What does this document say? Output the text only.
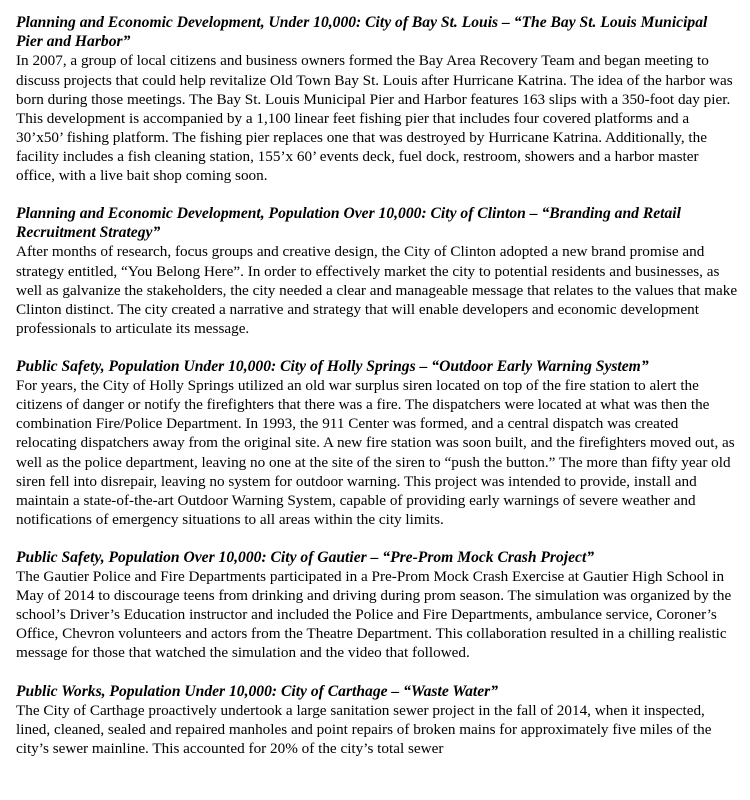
Planning and Economic Development, Under 10,000: City of Bay St. Louis – “The Bay St. Louis Municipal Pier and Harbor”

In 2007, a group of local citizens and business owners formed the Bay Area Recovery Team and began meeting to discuss projects that could help revitalize Old Town Bay St. Louis after Hurricane Katrina. The idea of the harbor was born during those meetings. The Bay St. Louis Municipal Pier and Harbor features 163 slips with a 350-foot day pier. This development is accompanied by a 1,100 linear feet fishing pier that includes four covered platforms and a 30’x50’ fishing platform. The fishing pier replaces one that was destroyed by Hurricane Katrina. Additionally, the facility includes a fish cleaning station, 155’x 60’ events deck, fuel dock, restroom, showers and a harbor master office, with a live bait shop coming soon.

Planning and Economic Development, Population Over 10,000: City of Clinton – “Branding and Retail Recruitment Strategy”

After months of research, focus groups and creative design, the City of Clinton adopted a new brand promise and strategy entitled, “You Belong Here”. In order to effectively market the city to potential residents and businesses, as well as galvanize the stakeholders, the city needed a clear and manageable message that relates to the values that make Clinton distinct. The city created a narrative and strategy that will enable developers and economic development professionals to articulate its message.

Public Safety, Population Under 10,000: City of Holly Springs – “Outdoor Early Warning System”

For years, the City of Holly Springs utilized an old war surplus siren located on top of the fire station to alert the citizens of danger or notify the firefighters that there was a fire. The dispatchers were located at what was then the combination Fire/Police Department. In 1993, the 911 Center was formed, and a central dispatch was created relocating dispatchers away from the original site. A new fire station was soon built, and the firefighters moved out, as well as the police department, leaving no one at the site of the siren to “push the button.” The more than fifty year old siren fell into disrepair, leaving no system for outdoor warning. This project was intended to provide, install and maintain a state-of-the-art Outdoor Warning System, capable of providing early warnings of severe weather and notifications of emergency situations to all areas within the city limits.

Public Safety, Population Over 10,000: City of Gautier – “Pre-Prom Mock Crash Project”

The Gautier Police and Fire Departments participated in a Pre-Prom Mock Crash Exercise at Gautier High School in May of 2014 to discourage teens from drinking and driving during prom season. The simulation was organized by the school’s Driver’s Education instructor and included the Police and Fire Departments, ambulance service, Coroner’s Office, Chevron volunteers and actors from the Theatre Department. This collaboration resulted in a chilling realistic message for those that watched the simulation and the video that followed.

Public Works, Population Under 10,000: City of Carthage – “Waste Water”

The City of Carthage proactively undertook a large sanitation sewer project in the fall of 2014, when it inspected, lined, cleaned, sealed and repaired manholes and point repairs of broken mains for approximately five miles of the city’s sewer mainline. This accounted for 20% of the city’s total sewer
